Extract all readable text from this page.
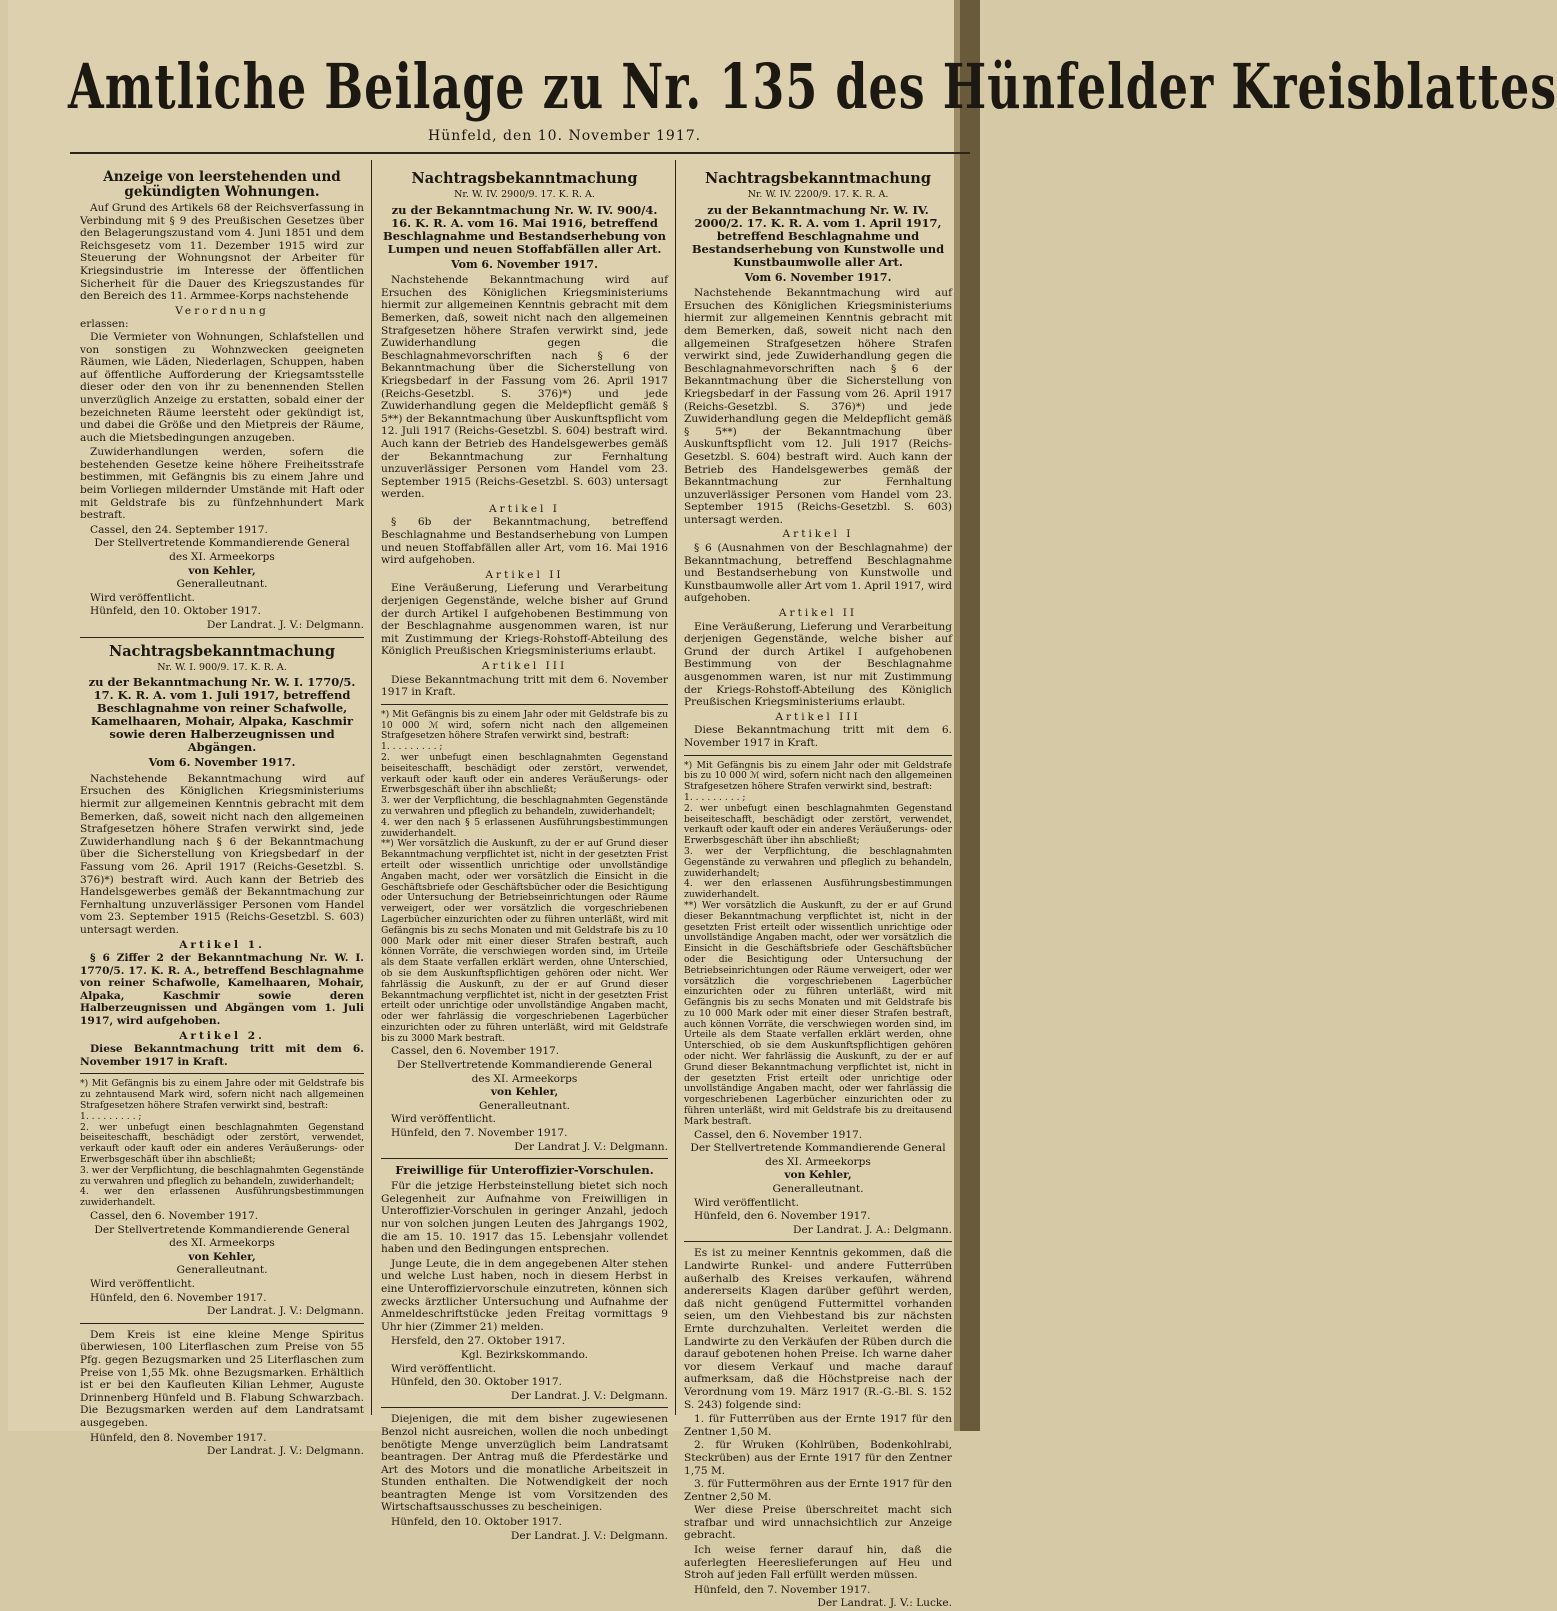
Amtliche Beilage zu Nr. 135 des Hünfelder Kreisblattes
Hünfeld, den 10. November 1917.
Anzeige von leerstehenden und gekündigten Wohnungen.

Auf Grund des Artikels 68 der Reichsverfassung in Verbindung mit § 9 des Preußischen Gesetzes über den Belagerungszustand vom 4. Juni 1851 und dem Reichsgesetz vom 11. Dezember 1915 wird zur Steuerung der Wohnungsnot der Arbeiter für Kriegsindustrie im Interesse der öffentlichen Sicherheit für die Dauer des Kriegszustandes für den Bereich des 11. Armmee-Korps nachstehende

Verordnung
erlassen:

Die Vermieter von Wohnungen, Schlafstellen und von sonstigen zu Wohnzwecken geeigneten Räumen, wie Läden, Niederlagen, Schuppen, haben auf öffentliche Aufforderung der Kriegsamtsstelle dieser oder den von ihr zu benennenden Stellen unverzüglich Anzeige zu erstatten, sobald einer der bezeichneten Räume leersteht oder gekündigt ist, und dabei die Größe und den Mietpreis der Räume, auch die Mietsbedingungen anzugeben.

Zuwiderhandlungen werden, sofern die bestehenden Gesetze keine höhere Freiheitsstrafe bestimmen, mit Gefängnis bis zu einem Jahre und beim Vorliegen mildernder Umstände mit Haft oder mit Geldstrafe bis zu fünfzehnhundert Mark bestraft.

Cassel, den 24. September 1917.
Der Stellvertretende Kommandierende General
des XI. Armeekorps
von Kehler,
Generalleutnant.
Wird veröffentlicht.
Hünfeld, den 10. Oktober 1917.
Der Landrat. J. V.: Delgmann.
Nachtragsbekanntmachung
Nr. W. I. 900/9. 17. K. R. A.
zu der Bekanntmachung Nr. W. I. 1770/5. 17. K. R. A. vom 1. Juli 1917, betreffend Beschlagnahme von reiner Schafwolle, Kamelhaaren, Mohair, Alpaka, Kaschmir sowie deren Halberzeugnissen und Abgängen.
Vom 6. November 1917.

Nachstehende Bekanntmachung wird auf Ersuchen des Königlichen Kriegsministeriums hiermit zur allgemeinen Kenntnis gebracht mit dem Bemerken, daß, soweit nicht nach den allgemeinen Strafgesetzen höhere Strafen verwirkt sind, jede Zuwiderhandlung nach § 6 der Bekanntmachung über die Sicherstellung von Kriegsbedarf in der Fassung vom 26. April 1917 (Reichs-Gesetzbl. S. 376)*) bestraft wird. Auch kann der Betrieb des Handelsgewerbes gemäß der Bekanntmachung zur Fernhaltung unzuverlässiger Personen vom Handel vom 23. September 1915 (Reichs-Gesetzbl. S. 603) untersagt werden.

Artikel 1.

§ 6 Ziffer 2 der Bekanntmachung Nr. W. I. 1770/5. 17. K. R. A., betreffend Beschlagnahme von reiner Schafwolle, Kamelhaaren, Mohair, Alpaka, Kaschmir sowie deren Halberzeugnissen und Abgängen vom 1. Juli 1917, wird aufgehoben.

Artikel 2.

Diese Bekanntmachung tritt mit dem 6. November 1917 in Kraft.

*) Mit Gefängnis bis zu einem Jahre oder mit Geldstrafe bis zu zehntausend Mark wird, sofern nicht nach allgemeinen Strafgesetzen höhere Strafen verwirkt sind, bestraft:
1. . . . . . . . . ;
2. wer unbefugt einen beschlagnahmten Gegenstand beiseiteschafft, beschädigt oder zerstört, verwendet, verkauft oder kauft oder ein anderes Veräußerungs- oder Erwerbsgeschäft über ihn abschließt;
3. wer der Verpflichtung, die beschlagnahmten Gegenstände zu verwahren und pfleglich zu behandeln, zuwiderhandelt;
4. wer den erlassenen Ausführungsbestimmungen zuwiderhandelt.
Cassel, den 6. November 1917.
Der Stellvertretende Kommandierende General
des XI. Armeekorps
von Kehler,
Generalleutnant.
Wird veröffentlicht.
Hünfeld, den 6. November 1917.
Der Landrat. J. V.: Delgmann.

Dem Kreis ist eine kleine Menge Spiritus überwiesen, 100 Literflaschen zum Preise von 55 Pfg. gegen Bezugsmarken und 25 Literflaschen zum Preise von 1,55 Mk. ohne Bezugsmarken. Erhältlich ist er bei den Kaufleuten Kilian Lehmer, Auguste Drinnenberg Hünfeld und B. Flabung Schwarzbach. Die Bezugsmarken werden auf dem Landratsamt ausgegeben.

Hünfeld, den 8. November 1917.
Der Landrat. J. V.: Delgmann.
Nachtragsbekanntmachung
Nr. W. IV. 2900/9. 17. K. R. A.
zu der Bekanntmachung Nr. W. IV. 900/4. 16. K. R. A. vom 16. Mai 1916, betreffend Beschlagnahme und Bestandserhebung von Lumpen und neuen Stoffabfällen aller Art.
Vom 6. November 1917.

Nachstehende Bekanntmachung wird auf Ersuchen des Königlichen Kriegsministeriums hiermit zur allgemeinen Kenntnis gebracht mit dem Bemerken, daß, soweit nicht nach den allgemeinen Strafgesetzen höhere Strafen verwirkt sind, jede Zuwiderhandlung gegen die Beschlagnahmevorschriften nach § 6 der Bekanntmachung über die Sicherstellung von Kriegsbedarf in der Fassung vom 26. April 1917 (Reichs-Gesetzbl. S. 376)*) und jede Zuwiderhandlung gegen die Meldepflicht gemäß § 5**) der Bekanntmachung über Auskunftspflicht vom 12. Juli 1917 (Reichs-Gesetzbl. S. 604) bestraft wird. Auch kann der Betrieb des Handelsgewerbes gemäß der Bekanntmachung zur Fernhaltung unzuverlässiger Personen vom Handel vom 23. September 1915 (Reichs-Gesetzbl. S. 603) untersagt werden.

Artikel I

§ 6b der Bekanntmachung, betreffend Beschlagnahme und Bestandserhebung von Lumpen und neuen Stoffabfällen aller Art, vom 16. Mai 1916 wird aufgehoben.

Artikel II

Eine Veräußerung, Lieferung und Verarbeitung derjenigen Gegenstände, welche bisher auf Grund der durch Artikel I aufgehobenen Bestimmung von der Beschlagnahme ausgenommen waren, ist nur mit Zustimmung der Kriegs-Rohstoff-Abteilung des Königlich Preußischen Kriegsministeriums erlaubt.

Artikel III

Diese Bekanntmachung tritt mit dem 6. November 1917 in Kraft.

*) Mit Gefängnis bis zu einem Jahr oder mit Geldstrafe bis zu 10 000 ℳ wird, sofern nicht nach den allgemeinen Strafgesetzen höhere Strafen verwirkt sind, bestraft:
1. . . . . . . . . ;
2. wer unbefugt einen beschlagnahmten Gegenstand beiseiteschafft, beschädigt oder zerstört, verwendet, verkauft oder kauft oder ein anderes Veräußerungs- oder Erwerbsgeschäft über ihn abschließt;
3. wer der Verpflichtung, die beschlagnahmten Gegenstände zu verwahren und pfleglich zu behandeln, zuwiderhandelt;
4. wer den nach § 5 erlassenen Ausführungsbestimmungen zuwiderhandelt.
**) Wer vorsätzlich die Auskunft, zu der er auf Grund dieser Bekanntmachung verpflichtet ist, nicht in der gesetzten Frist erteilt oder wissentlich unrichtige oder unvollständige Angaben macht, oder wer vorsätzlich die Einsicht in die Geschäftsbriefe oder Geschäftsbücher oder die Besichtigung oder Untersuchung der Betriebseinrichtungen oder Räume verweigert, oder wer vorsätzlich die vorgeschriebenen Lagerbücher einzurichten oder zu führen unterläßt, wird mit Gefängnis bis zu sechs Monaten und mit Geldstrafe bis zu 10 000 Mark oder mit einer dieser Strafen bestraft, auch können Vorräte, die verschwiegen worden sind, im Urteile als dem Staate verfallen erklärt werden, ohne Unterschied, ob sie dem Auskunftspflichtigen gehören oder nicht. Wer fahrlässig die Auskunft, zu der er auf Grund dieser Bekanntmachung verpflichtet ist, nicht in der gesetzten Frist erteilt oder unrichtige oder unvollständige Angaben macht, oder wer fahrlässig die vorgeschriebenen Lagerbücher einzurichten oder zu führen unterläßt, wird mit Geldstrafe bis zu 3000 Mark bestraft.
Cassel, den 6. November 1917.
Der Stellvertretende Kommandierende General
des XI. Armeekorps
von Kehler,
Generalleutnant.
Wird veröffentlicht.
Hünfeld, den 7. November 1917.
Der Landrat J. V.: Delgmann.
Freiwillige für Unteroffizier-Vorschulen.

Für die jetzige Herbsteinstellung bietet sich noch Gelegenheit zur Aufnahme von Freiwilligen in Unteroffizier-Vorschulen in geringer Anzahl, jedoch nur von solchen jungen Leuten des Jahrgangs 1902, die am 15. 10. 1917 das 15. Lebensjahr vollendet haben und den Bedingungen entsprechen.

Junge Leute, die in dem angegebenen Alter stehen und welche Lust haben, noch in diesem Herbst in eine Unteroffiziervorschule einzutreten, können sich zwecks ärztlicher Untersuchung und Aufnahme der Anmeldeschriftstücke jeden Freitag vormittags 9 Uhr hier (Zimmer 21) melden.

Hersfeld, den 27. Oktober 1917.
Kgl. Bezirkskommando.
Wird veröffentlicht.
Hünfeld, den 30. Oktober 1917.
Der Landrat. J. V.: Delgmann.

Diejenigen, die mit dem bisher zugewiesenen Benzol nicht ausreichen, wollen die noch unbedingt benötigte Menge unverzüglich beim Landratsamt beantragen. Der Antrag muß die Pferdestärke und Art des Motors und die monatliche Arbeitszeit in Stunden enthalten. Die Notwendigkeit der noch beantragten Menge ist vom Vorsitzenden des Wirtschaftsausschusses zu bescheinigen.

Hünfeld, den 10. Oktober 1917.
Der Landrat. J. V.: Delgmann.
Nachtragsbekanntmachung
Nr. W. IV. 2200/9. 17. K. R. A.
zu der Bekanntmachung Nr. W. IV. 2000/2. 17. K. R. A. vom 1. April 1917, betreffend Beschlagnahme und Bestandserhebung von Kunstwolle und Kunstbaumwolle aller Art.
Vom 6. November 1917.

Nachstehende Bekanntmachung wird auf Ersuchen des Königlichen Kriegsministeriums hiermit zur allgemeinen Kenntnis gebracht mit dem Bemerken, daß, soweit nicht nach den allgemeinen Strafgesetzen höhere Strafen verwirkt sind, jede Zuwiderhandlung gegen die Beschlagnahmevorschriften nach § 6 der Bekanntmachung über die Sicherstellung von Kriegsbedarf in der Fassung vom 26. April 1917 (Reichs-Gesetzbl. S. 376)*) und jede Zuwiderhandlung gegen die Meldepflicht gemäß § 5**) der Bekanntmachung über Auskunftspflicht vom 12. Juli 1917 (Reichs-Gesetzbl. S. 604) bestraft wird. Auch kann der Betrieb des Handelsgewerbes gemäß der Bekanntmachung zur Fernhaltung unzuverlässiger Personen vom Handel vom 23. September 1915 (Reichs-Gesetzbl. S. 603) untersagt werden.

Artikel I

§ 6 (Ausnahmen von der Beschlagnahme) der Bekanntmachung, betreffend Beschlagnahme und Bestandserhebung von Kunstwolle und Kunstbaumwolle aller Art vom 1. April 1917, wird aufgehoben.

Artikel II

Eine Veräußerung, Lieferung und Verarbeitung derjenigen Gegenstände, welche bisher auf Grund der durch Artikel I aufgehobenen Bestimmung von der Beschlagnahme ausgenommen waren, ist nur mit Zustimmung der Kriegs-Rohstoff-Abteilung des Königlich Preußischen Kriegsministeriums erlaubt.

Artikel III

Diese Bekanntmachung tritt mit dem 6. November 1917 in Kraft.

*) Mit Gefängnis bis zu einem Jahr oder mit Geldstrafe bis zu 10 000 ℳ wird, sofern nicht nach den allgemeinen Strafgesetzen höhere Strafen verwirkt sind, bestraft:
1. . . . . . . . . ;
2. wer unbefugt einen beschlagnahmten Gegenstand beiseiteschafft, beschädigt oder zerstört, verwendet, verkauft oder kauft oder ein anderes Veräußerungs- oder Erwerbsgeschäft über ihn abschließt;
3. wer der Verpflichtung, die beschlagnahmten Gegenstände zu verwahren und pfleglich zu behandeln, zuwiderhandelt;
4. wer den erlassenen Ausführungsbestimmungen zuwiderhandelt.
**) Wer vorsätzlich die Auskunft, zu der er auf Grund dieser Bekanntmachung verpflichtet ist, nicht in der gesetzten Frist erteilt oder wissentlich unrichtige oder unvollständige Angaben macht, oder wer vorsätzlich die Einsicht in die Geschäftsbriefe oder Geschäftsbücher oder die Besichtigung oder Untersuchung der Betriebseinrichtungen oder Räume verweigert, oder wer vorsätzlich die vorgeschriebenen Lagerbücher einzurichten oder zu führen unterläßt, wird mit Gefängnis bis zu sechs Monaten und mit Geldstrafe bis zu 10 000 Mark oder mit einer dieser Strafen bestraft, auch können Vorräte, die verschwiegen worden sind, im Urteile als dem Staate verfallen erklärt werden, ohne Unterschied, ob sie dem Auskunftspflichtigen gehören oder nicht. Wer fahrlässig die Auskunft, zu der er auf Grund dieser Bekanntmachung verpflichtet ist, nicht in der gesetzten Frist erteilt oder unrichtige oder unvollständige Angaben macht, oder wer fahrlässig die vorgeschriebenen Lagerbücher einzurichten oder zu führen unterläßt, wird mit Geldstrafe bis zu dreitausend Mark bestraft.
Cassel, den 6. November 1917.
Der Stellvertretende Kommandierende General
des XI. Armeekorps
von Kehler,
Generalleutnant.
Wird veröffentlicht.
Hünfeld, den 6. November 1917.
Der Landrat. J. A.: Delgmann.

Es ist zu meiner Kenntnis gekommen, daß die Landwirte Runkel- und andere Futterrüben außerhalb des Kreises verkaufen, während andererseits Klagen darüber geführt werden, daß nicht genügend Futtermittel vorhanden seien, um den Viehbestand bis zur nächsten Ernte durchzuhalten. Verleitet werden die Landwirte zu den Verkäufen der Rüben durch die darauf gebotenen hohen Preise. Ich warne daher vor diesem Verkauf und mache darauf aufmerksam, daß die Höchstpreise nach der Verordnung vom 19. März 1917 (R.-G.-Bl. S. 152 S. 243) folgende sind:

1. für Futterrüben aus der Ernte 1917 für den Zentner 1,50 M.
2. für Wruken (Kohlrüben, Bodenkohlrabi, Steckrüben) aus der Ernte 1917 für den Zentner 1,75 M.
3. für Futtermöhren aus der Ernte 1917 für den Zentner 2,50 M.

Wer diese Preise überschreitet macht sich strafbar und wird unnachsichtlich zur Anzeige gebracht.

Ich weise ferner darauf hin, daß die auferlegten Heereslieferungen auf Heu und Stroh auf jeden Fall erfüllt werden müssen.

Hünfeld, den 7. November 1917.
Der Landrat. J. V.: Lucke.
